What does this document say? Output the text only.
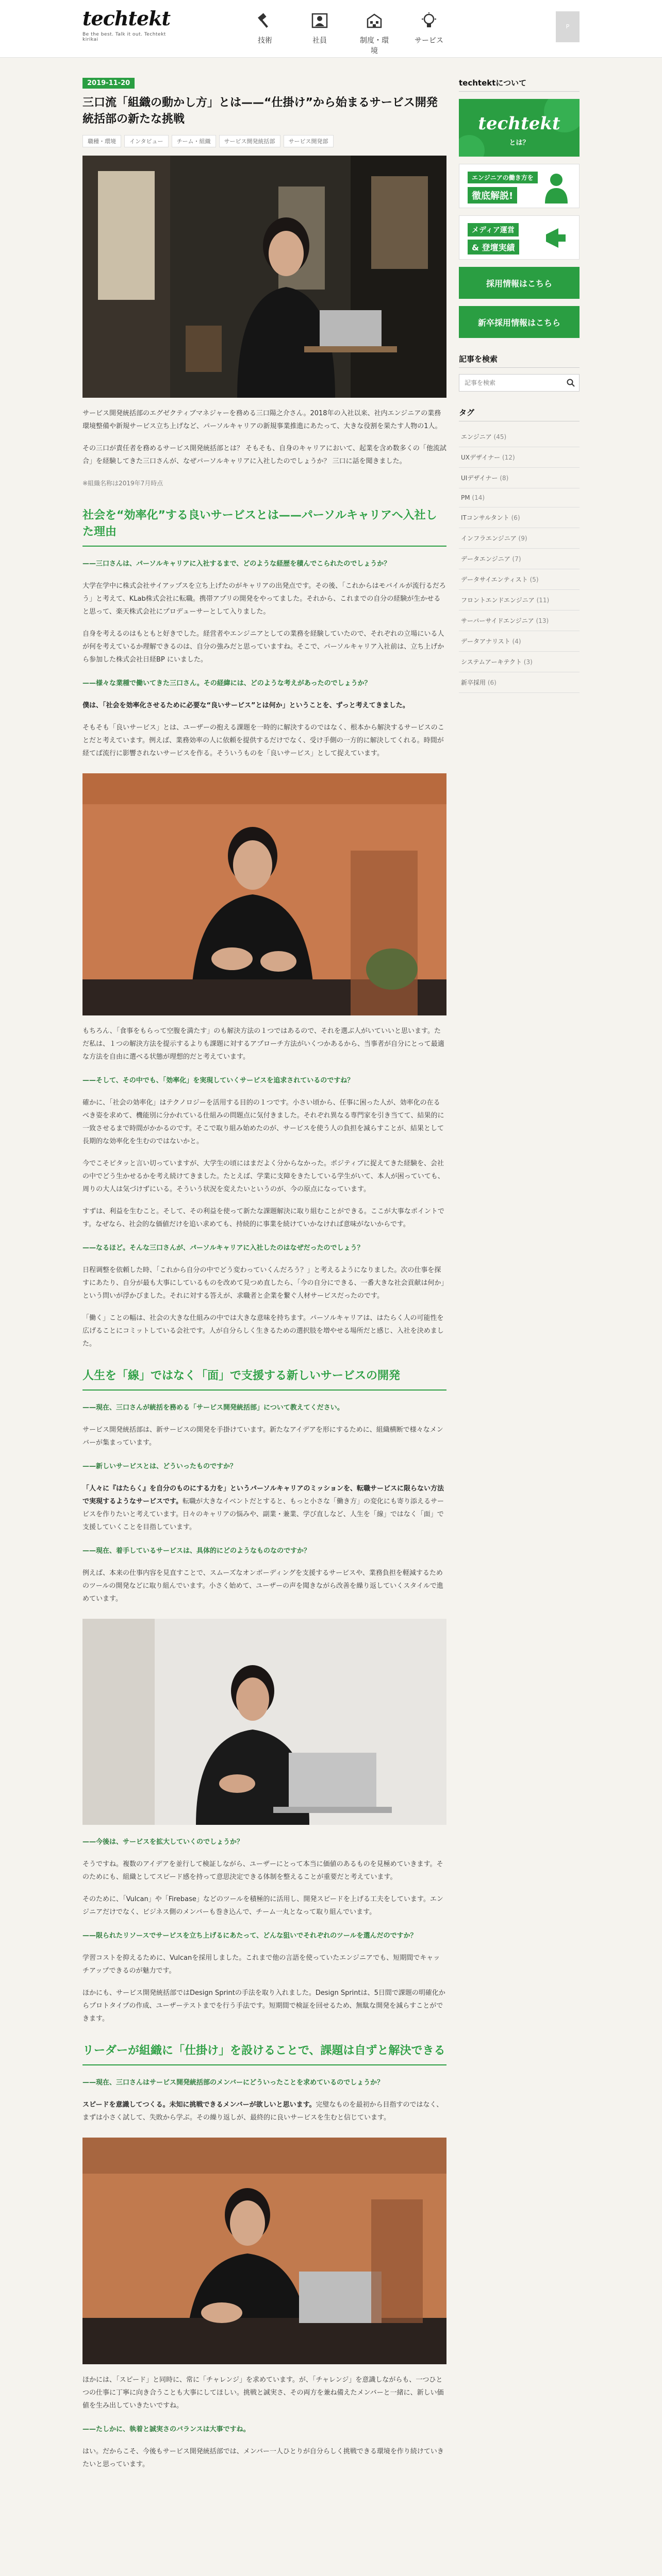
techtekt
Be the best. Talk it out. Techtekt kirikai	技術	社員	制度・環境
サービス
P
2019-11-20
三口流「組織の動かし方」とは——“仕掛け”から始まるサービス開発統括部の新たな挑戦
職種・環境	インタビュー	チーム・組織	サービス開発統括部	サービス開発部

サービス開発統括部のエグゼクティブマネジャーを務める三口陽之介さん。2018年の入社以来、社内エンジニアの業務環境整備や新規サービス立ち上げなど、パーソルキャリアの新規事業推進にあたって、大きな役割を果たす人物の1人。

その三口が責任者を務めるサービス開発統括部とは？ そもそも、自身のキャリアにおいて、起業を含め数多くの「他流試合」を経験してきた三口さんが、なぜパーソルキャリアに入社したのでしょうか？ 三口に話を聞きました。

※組織名称は2019年7月時点

社会を“効率化”する良いサービスとは——パーソルキャリアへ入社した理由

——三口さんは、パーソルキャリアに入社するまで、どのような経歴を積んでこられたのでしょうか？

大学在学中に株式会社サイアップスを立ち上げたのがキャリアの出発点です。その後、「これからはモバイルが流行るだろう」と考えて、KLab株式会社に転職。携帯アプリの開発をやってました。それから、これまでの自分の経験が生かせると思って、楽天株式会社にプロデューサーとして入りました。

自身を考えるのはもともと好きでした。経営者やエンジニアとしての業務を経験していたので、それぞれの立場にいる人が何を考えているか理解できるのは、自分の強みだと思っていますね。そこで、パーソルキャリア入社前は、立ち上げから参加した株式会社日経BP にいました。

——様々な業種で働いてきた三口さん。その経緯には、どのような考えがあったのでしょうか？

僕は、「社会を効率化させるために必要な“良いサービス”とは何か」ということを、ずっと考えてきました。

そもそも「良いサービス」とは、ユーザーの抱える課題を一時的に解決するのではなく、根本から解決するサービスのことだと考えています。例えば、業務効率の人に依頼を提供するだけでなく、受け手側の一方的に解決してくれる。時間が経てば流行に影響されないサービスを作る。そういうものを「良いサービス」として捉えています。

もちろん、「食事をもらって空腹を満たす」のも解決方法の１つではあるので、それを選ぶ人がいていいと思います。ただ私は、１つの解決方法を提示するよりも課題に対するアプローチ方法がいくつかあるから、当事者が自分にとって最適な方法を自由に選べる状態が理想的だと考えています。

——そして、その中でも、「効率化」を実現していくサービスを追求されているのですね？

確かに、「社会の効率化」はテクノロジーを活用する目的の１つです。小さい頃から、任事に困った人が、効率化の在るべき姿を求めて、機能別に分かれている仕組みの問題点に気付きました。それぞれ異なる専門家を引き当てて、結果的に一致させるまで時間がかかるのです。そこで取り組み始めたのが、サービスを使う人の負担を減らすことが、結果として長期的な効率化を生むのではないかと。

今でこそピタッと言い切っていますが、大学生の頃にはまだよく分からなかった。ポジティブに捉えてきた経験を、会社の中でどう生かせるかを考え続けてきました。たとえば、学業に支障をきたしている学生がいて、本人が困っていても、周りの大人は気づけずにいる。そういう状況を変えたいというのが、今の原点になっています。

すずは、利益を生むこと。そして、その利益を使って新たな課題解決に取り組むことができる。ここが大事なポイントです。なぜなら、社会的な価値だけを追い求めても、持続的に事業を続けていかなければ意味がないからです。

——なるほど。そんな三口さんが、パーソルキャリアに入社したのはなぜだったのでしょう？

日程调整を依頼した時、「これから自分の中でどう変わっていくんだろう？」と考えるようになりました。次の仕事を探すにあたり、自分が最も大事にしているものを改めて見つめ直したら、「今の自分にできる、一番大きな社会貢献は何か」という問いが浮かびました。それに対する答えが、求職者と企業を繋ぐ人材サービスだったのです。

「働く」ことの幅は、社会の大きな仕組みの中では大きな意味を持ちます。パーソルキャリアは、はたらく人の可能性を広げることにコミットしている会社です。人が自分らしく生きるための選択肢を増やせる場所だと感じ、入社を決めました。

人生を「線」ではなく「面」で支援する新しいサービスの開発

——現在、三口さんが統括を務める「サービス開発統括部」について教えてください。

サービス開発統括部は、新サービスの開発を手掛けています。新たなアイデアを形にするために、組織横断で様々なメンバーが集まっています。

——新しいサービスとは、どういったものですか？

「人々に『はたらく』を自分のものにする力を」というパーソルキャリアのミッションを、転職サービスに限らない方法で実現するようなサービスです。転職が大きなイベントだとすると、もっと小さな「働き方」の変化にも寄り添えるサービスを作りたいと考えています。日々のキャリアの悩みや、副業・兼業、学び直しなど、人生を「線」ではなく「面」で支援していくことを目指しています。

——現在、着手しているサービスは、具体的にどのようなものなのですか？

例えば、本来の仕事内容を見直すことで、スムーズなオンボーディングを支援するサービスや、業務負担を軽減するためのツールの開発などに取り組んでいます。小さく始めて、ユーザーの声を聞きながら改善を繰り返していくスタイルで進めています。

——今後は、サービスを拡大していくのでしょうか？

そうですね。複数のアイデアを並行して検証しながら、ユーザーにとって本当に価値のあるものを見極めていきます。そのためにも、組織としてスピード感を持って意思決定できる体制を整えることが重要だと考えています。

そのために、「Vulcan」や「Firebase」などのツールを積極的に活用し、開発スピードを上げる工夫をしています。エンジニアだけでなく、ビジネス側のメンバーも巻き込んで、チーム一丸となって取り組んでいます。

——限られたリソースでサービスを立ち上げるにあたって、どんな狙いでそれぞれのツールを選んだのですか？

学習コストを抑えるために、Vulcanを採用しました。これまで他の言語を使っていたエンジニアでも、短期間でキャッチアップできるのが魅力です。

ほかにも、サービス開発統括部ではDesign Sprintの手法を取り入れました。Design Sprintは、5日間で課題の明確化からプロトタイプの作成、ユーザーテストまでを行う手法です。短期間で検証を回せるため、無駄な開発を減らすことができます。

リーダーが組織に「仕掛け」を設けることで、課題は自ずと解決できる

——現在、三口さんはサービス開発統括部のメンバーにどういったことを求めているのでしょうか？

スピードを意識してつくる。未知に挑戦できるメンバーが欲しいと思います。完璧なものを最初から目指すのではなく、まずは小さく試して、失敗から学ぶ。その繰り返しが、最終的に良いサービスを生むと信じています。

ほかには、「スピード」と同時に、常に「チャレンジ」を求めています。が、「チャレンジ」を意識しながらも、一つひとつの仕事に丁寧に向き合うことも大事にしてほしい。挑戦と誠実さ、その両方を兼ね備えたメンバーと一緒に、新しい価値を生み出していきたいですね。

——たしかに、執着と誠実さのバランスは大事ですね。

はい。だからこそ、今後もサービス開発統括部では、メンバー一人ひとりが自分らしく挑戦できる環境を作り続けていきたいと思っています。

techtektについて
techtekt
とは？
エンジニアの働き方を
徹底解説!
メディア運営
& 登壇実績
採用情報はこちら
新卒採用情報はこちら
記事を検索
記事を検索
タグ
エンジニア (45)
UXデザイナー (12)
UIデザイナー (8)
PM (14)
ITコンサルタント (6)
インフラエンジニア (9)
データエンジニア (7)
データサイエンティスト (5)
フロントエンドエンジニア (11)
サーバーサイドエンジニア (13)
データアナリスト (4)
システムアーキテクト (3)
新卒採用 (6)
